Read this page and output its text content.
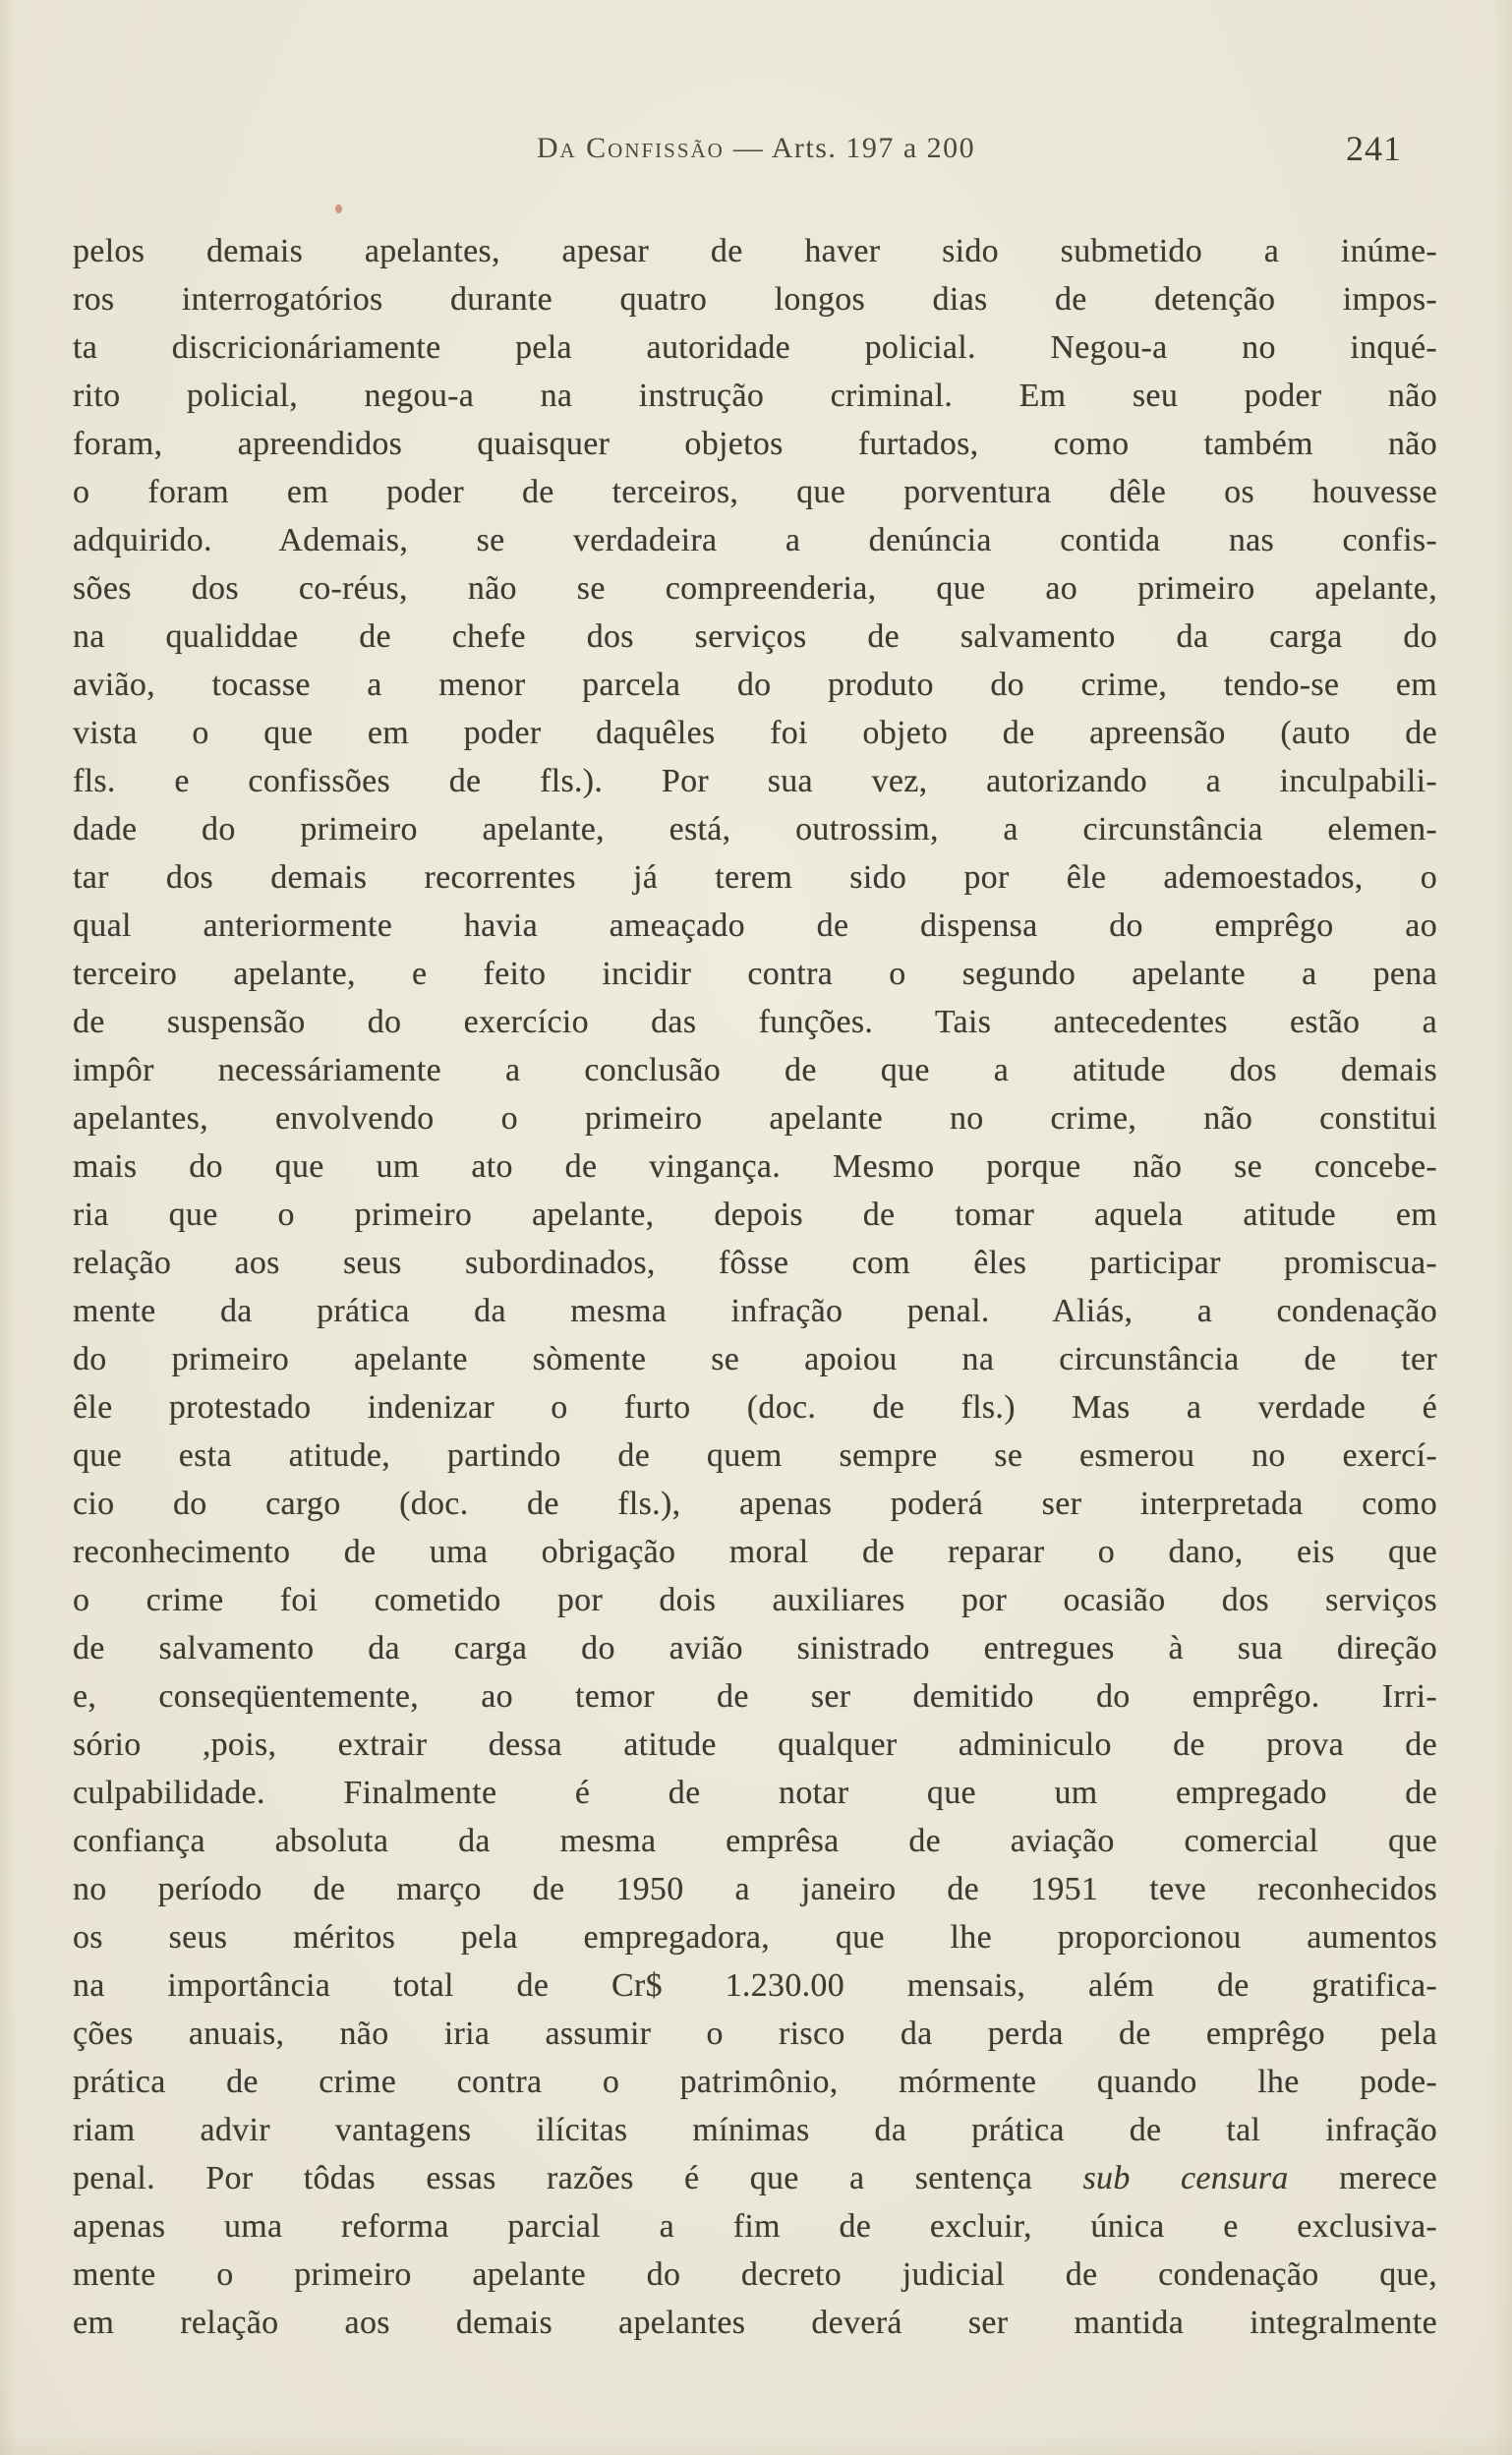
Da Confissão — Arts. 197 a 200	241
pelos demais apelantes, apesar de haver sido submetido a inúme-
ros interrogatórios durante quatro longos dias de detenção impos-
ta discricionáriamente pela autoridade policial. Negou-a no inqué-
rito policial, negou-a na instrução criminal. Em seu poder não
foram, apreendidos quaisquer objetos furtados, como também não
o foram em poder de terceiros, que porventura dêle os houvesse
adquirido. Ademais, se verdadeira a denúncia contida nas confis-
sões dos co-réus, não se compreenderia, que ao primeiro apelante,
na qualiddae de chefe dos serviços de salvamento da carga do
avião, tocasse a menor parcela do produto do crime, tendo-se em
vista o que em poder daquêles foi objeto de apreensão (auto de
fls. e confissões de fls.). Por sua vez, autorizando a inculpabili-
dade do primeiro apelante, está, outrossim, a circunstância elemen-
tar dos demais recorrentes já terem sido por êle ademoestados, o
qual anteriormente havia ameaçado de dispensa do emprêgo ao
terceiro apelante, e feito incidir contra o segundo apelante a pena
de suspensão do exercício das funções. Tais antecedentes estão a
impôr necessáriamente a conclusão de que a atitude dos demais
apelantes, envolvendo o primeiro apelante no crime, não constitui
mais do que um ato de vingança. Mesmo porque não se concebe-
ria que o primeiro apelante, depois de tomar aquela atitude em
relação aos seus subordinados, fôsse com êles participar promiscua-
mente da prática da mesma infração penal. Aliás, a condenação
do primeiro apelante sòmente se apoiou na circunstância de ter
êle protestado indenizar o furto (doc. de fls.) Mas a verdade é
que esta atitude, partindo de quem sempre se esmerou no exercí-
cio do cargo (doc. de fls.), apenas poderá ser interpretada como
reconhecimento de uma obrigação moral de reparar o dano, eis que
o crime foi cometido por dois auxiliares por ocasião dos serviços
de salvamento da carga do avião sinistrado entregues à sua direção
e, conseqüentemente, ao temor de ser demitido do emprêgo. Irri-
sório ,pois, extrair dessa atitude qualquer adminiculo de prova de
culpabilidade. Finalmente é de notar que um empregado de
confiança absoluta da mesma emprêsa de aviação comercial que
no período de março de 1950 a janeiro de 1951 teve reconhecidos
os seus méritos pela empregadora, que lhe proporcionou aumentos
na importância total de Cr$ 1.230.00 mensais, além de gratifica-
ções anuais, não iria assumir o risco da perda de emprêgo pela
prática de crime contra o patrimônio, mórmente quando lhe pode-
riam advir vantagens ilícitas mínimas da prática de tal infração
penal. Por tôdas essas razões é que a sentença sub censura merece
apenas uma reforma parcial a fim de excluir, única e exclusiva-
mente o primeiro apelante do decreto judicial de condenação que,
em relação aos demais apelantes deverá ser mantida integralmente
